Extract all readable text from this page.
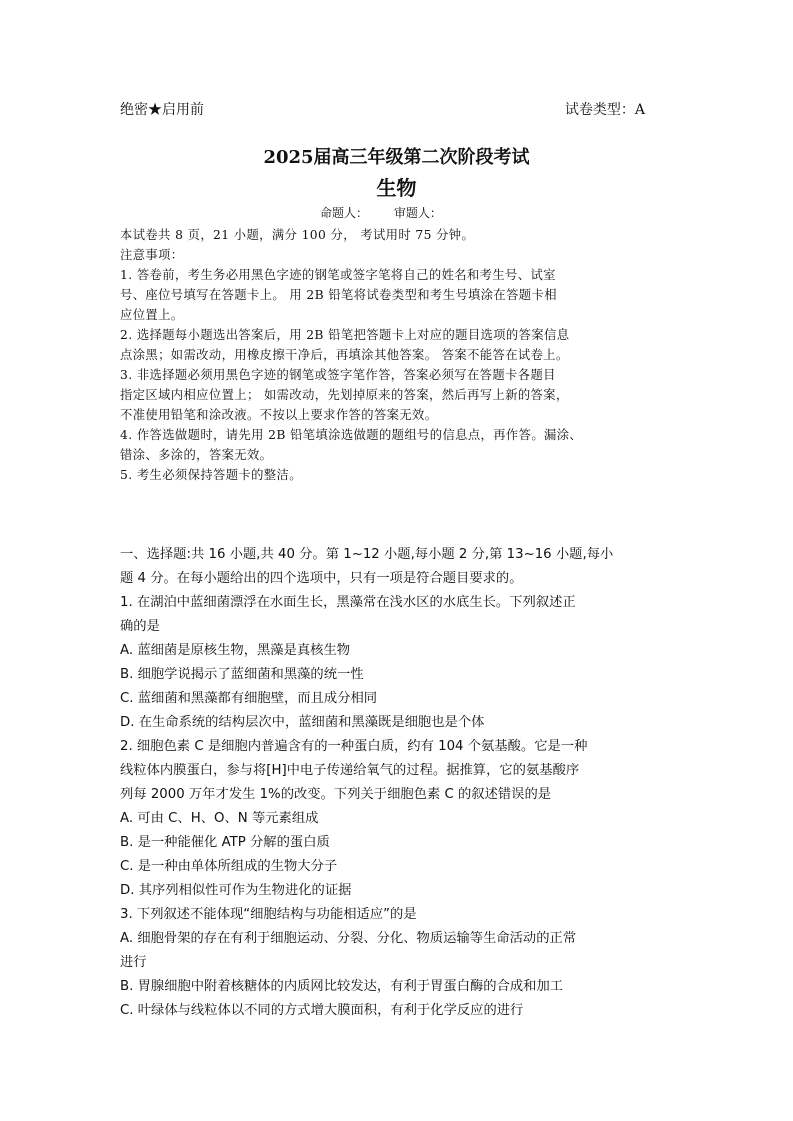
绝密★启用前	试卷类型：A
2025届高三年级第二次阶段考试
生物
命题人： 审题人：

本试卷共 8 页，21 小题，满分 100 分， 考试用时 75 分钟。

注意事项：

1. 答卷前，考生务必用黑色字迹的钢笔或签字笔将自己的姓名和考生号、试室

号、座位号填写在答题卡上。 用 2B 铅笔将试卷类型和考生号填涂在答题卡相

应位置上。

2. 选择题每小题选出答案后，用 2B 铅笔把答题卡上对应的题目选项的答案信息

点涂黑；如需改动，用橡皮擦干净后，再填涂其他答案。 答案不能答在试卷上。

3. 非选择题必须用黑色字迹的钢笔或签字笔作答，答案必须写在答题卡各题目

指定区域内相应位置上； 如需改动，先划掉原来的答案，然后再写上新的答案，

不准使用铅笔和涂改液。不按以上要求作答的答案无效。

4. 作答选做题时，请先用 2B 铅笔填涂选做题的题组号的信息点，再作答。漏涂、

错涂、多涂的，答案无效。

5. 考生必须保持答题卡的整洁。

一、选择题:共 16 小题,共 40 分。第 1~12 小题,每小题 2 分,第 13~16 小题,每小

题 4 分。在每小题给出的四个选项中，只有一项是符合题目要求的。

1. 在湖泊中蓝细菌漂浮在水面生长，黑藻常在浅水区的水底生长。下列叙述正

确的是

A. 蓝细菌是原核生物，黑藻是真核生物

B. 细胞学说揭示了蓝细菌和黑藻的统一性

C. 蓝细菌和黑藻都有细胞壁，而且成分相同

D. 在生命系统的结构层次中，蓝细菌和黑藻既是细胞也是个体

2. 细胞色素 C 是细胞内普遍含有的一种蛋白质，约有 104 个氨基酸。它是一种

线粒体内膜蛋白，参与将[H]中电子传递给氧气的过程。据推算，它的氨基酸序

列每 2000 万年才发生 1%的改变。下列关于细胞色素 C 的叙述错误的是

A. 可由 C、H、O、N 等元素组成

B. 是一种能催化 ATP 分解的蛋白质

C. 是一种由单体所组成的生物大分子

D. 其序列相似性可作为生物进化的证据

3. 下列叙述不能体现“细胞结构与功能相适应”的是

A. 细胞骨架的存在有利于细胞运动、分裂、分化、物质运输等生命活动的正常

进行

B. 胃腺细胞中附着核糖体的内质网比较发达，有利于胃蛋白酶的合成和加工

C. 叶绿体与线粒体以不同的方式增大膜面积，有利于化学反应的进行
